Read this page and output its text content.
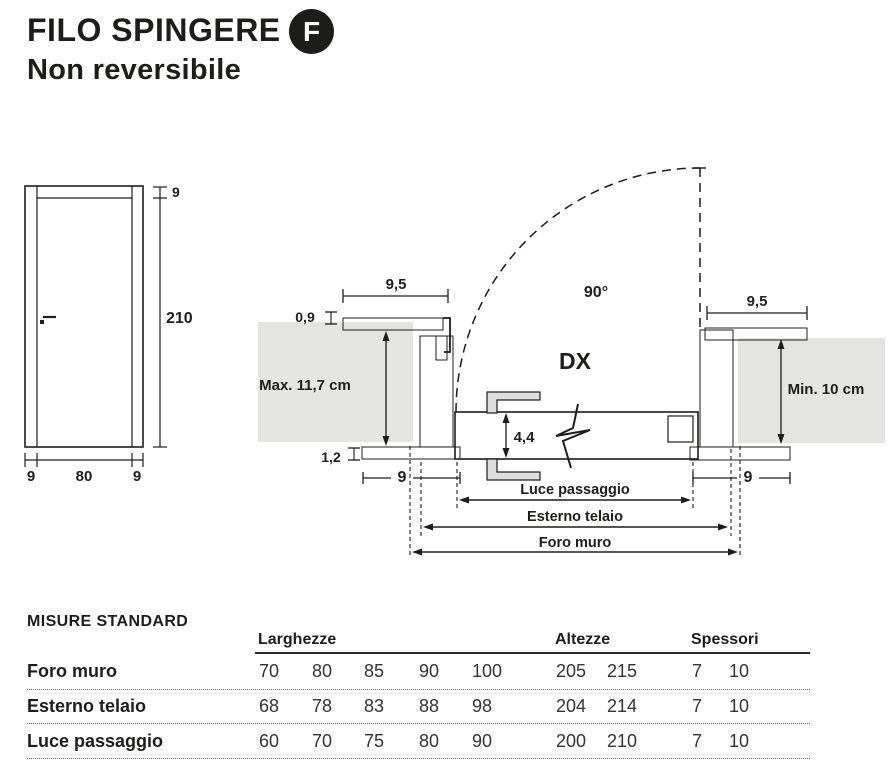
FILO SPINGERE F
Non reversibile
9
210
9	80	9
90°
DX
Max. 11,7 cm	Min. 10 cm
9,5
0,9
1,2
9
9,5
9
4,4
Luce passaggio
Esterno telaio
Foro muro
MISURE STANDARD
Larghezze	Altezze	Spessori
Foro muro	70	80	85	90	100	205	215	7	10
Esterno telaio	68	78	83	88	98	204	214	7	10
Luce passaggio	60	70	75	80	90	200	210	7	10
